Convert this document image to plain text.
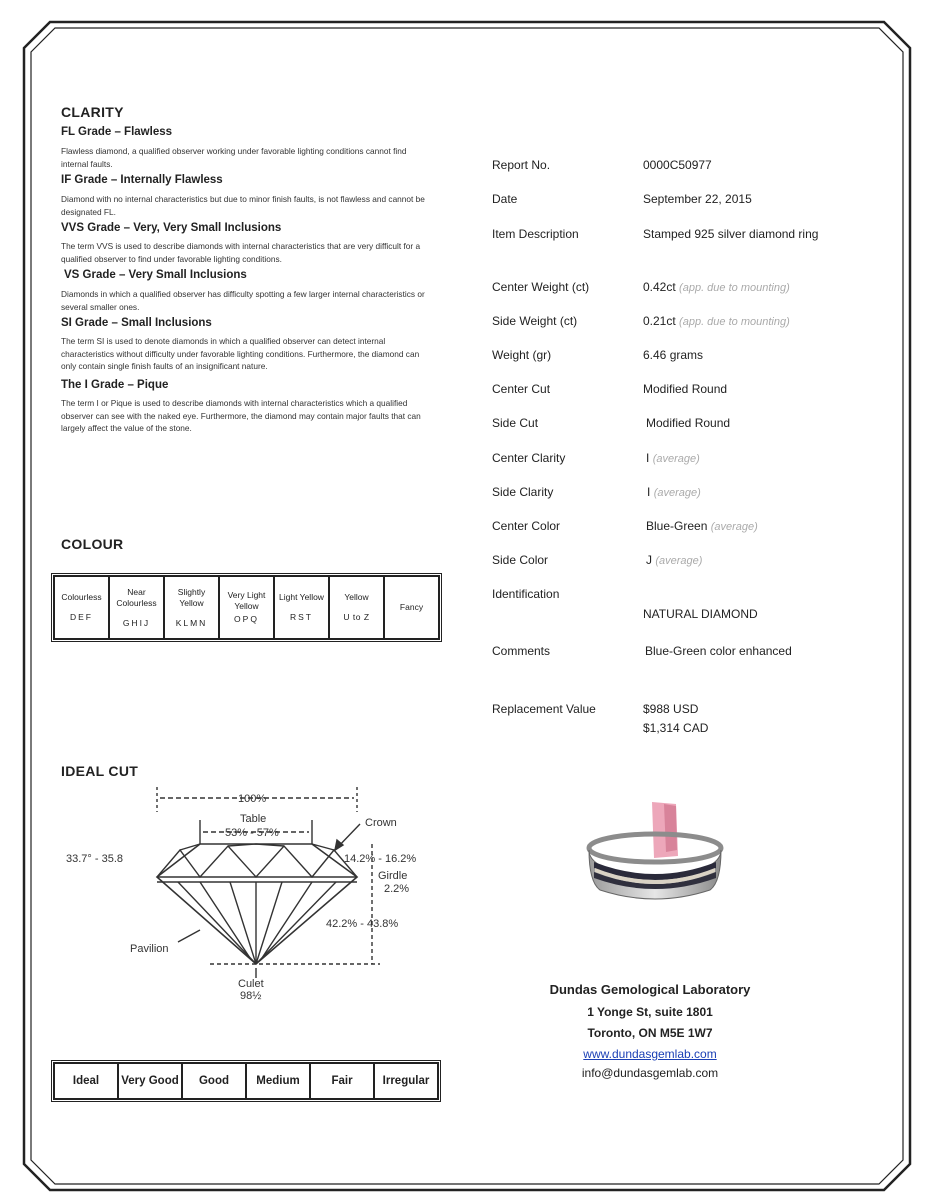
CLARITY
FL Grade – Flawless
Flawless diamond, a qualified observer working under favorable lighting conditions cannot find internal faults.
IF Grade – Internally Flawless
Diamond with no internal characteristics but due to minor finish faults, is not flawless and cannot be designated FL.
VVS Grade – Very, Very Small Inclusions
The term VVS is used to describe diamonds with internal characteristics that are very difficult for a qualified observer to find under favorable lighting conditions.
VS Grade – Very Small Inclusions
Diamonds in which a qualified observer has difficulty spotting a few larger internal characteristics or several smaller ones.
SI Grade – Small Inclusions
The term SI is used to denote diamonds in which a qualified observer can detect internal characteristics without difficulty under favorable lighting conditions. Furthermore, the diamond can only contain single finish faults of an insignificant nature.
The I Grade – Pique
The term I or Pique is used to describe diamonds with internal characteristics which a qualified observer can see with the naked eye. Furthermore, the diamond may contain major faults that can largely affect the value of the stone.
COLOUR
Colourless
DEF
	Near Colourless
GHIJ
	Slightly Yellow
KLMN
	Very Light Yellow
OPQ
	Light Yellow
RST
	Yellow
U to Z
	Fancy
IDEAL CUT
100%
Table
53% - 57%
Crown
33.7° - 35.8	14.2% - 16.2%
Girdle
2.2%
42.2% - 43.8%
Pavilion
Culet
98½
Ideal	Very Good	Good	Medium	Fair	Irregular
Report No.	0000C50977
Date	September 22, 2015
Item Description	Stamped 925 silver diamond ring
Center Weight (ct)	0.42ct (app. due to mounting)
Side Weight (ct)	0.21ct (app. due to mounting)
Weight (gr)	6.46 grams
Center Cut	Modified Round
Side Cut	Modified Round
Center Clarity	I (average)
Side Clarity	I (average)
Center Color	Blue-Green (average)
Side Color	J (average)
Identification
NATURAL DIAMOND
Comments	Blue-Green color enhanced
Replacement Value	$988 USD
$1,314 CAD
Dundas Gemological Laboratory
1 Yonge St, suite 1801
Toronto, ON M5E 1W7
www.dundasgemlab.com
info@dundasgemlab.com
